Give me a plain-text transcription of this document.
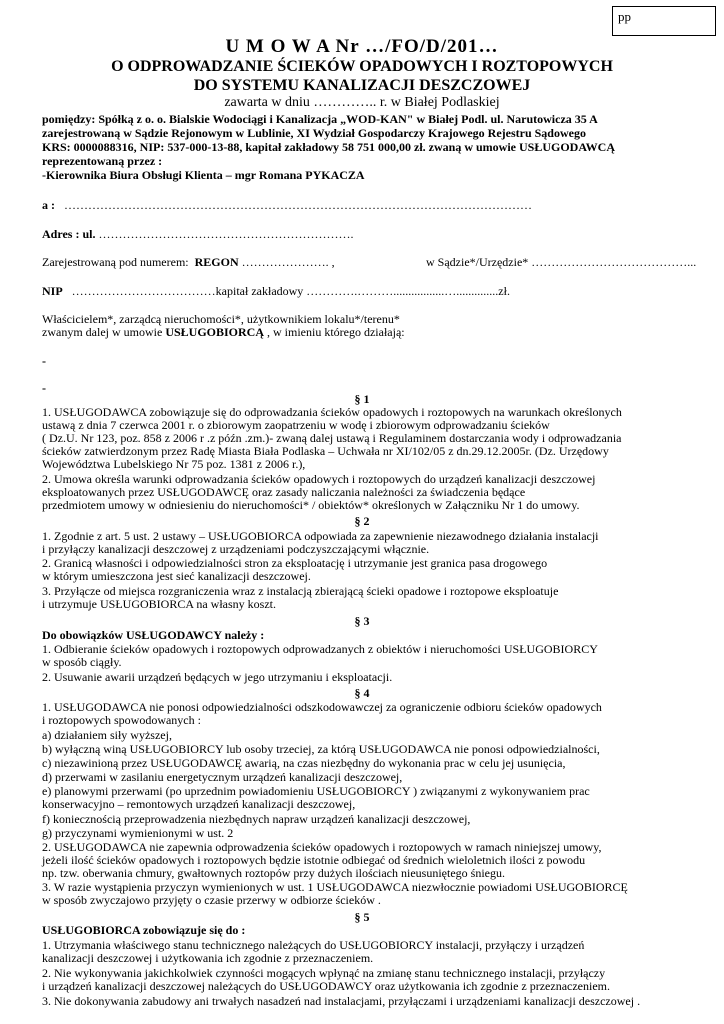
pp
U M O W A Nr …/FO/D/201…
O ODPROWADZANIE ŚCIEKÓW OPADOWYCH I ROZTOPOWYCH
DO SYSTEMU KANALIZACJI DESZCZOWEJ
zawarta w dniu ………….. r. w Białej Podlaskiej
pomiędzy: Spółką z o. o. Bialskie Wodociągi i Kanalizacja „WOD-KAN" w Białej Podl. ul. Narutowicza 35 A
zarejestrowaną w Sądzie Rejonowym w Lublinie, XI Wydział Gospodarczy Krajowego Rejestru Sądowego
KRS: 0000088316, NIP: 537-000-13-88, kapitał zakładowy 58 751 000,00 zł. zwaną w umowie USŁUGODAWCĄ
reprezentowaną przez :
-Kierownika Biura Obsługi Klienta – mgr Romana PYKACZA
a : ………………………………………………………………………………………………………
Adres : ul. ……………………………………………………….
Zarejestrowaną pod numerem: REGON …………………. ,	w Sądzie*/Urzędzie* …………………………………...
NIP ………………………………kapitał zakładowy ………….……….................…..............zł.
Właścicielem*, zarządcą nieruchomości*, użytkownikiem lokalu*/terenu*
zwanym dalej w umowie USŁUGOBIORCĄ , w imieniu którego działają:
-
-
§ 1
1. USŁUGODAWCA zobowiązuje się do odprowadzania ścieków opadowych i roztopowych na warunkach określonych
ustawą z dnia 7 czerwca 2001 r. o zbiorowym zaopatrzeniu w wodę i zbiorowym odprowadzaniu ścieków
( Dz.U. Nr 123, poz. 858 z 2006 r .z późn .zm.)- zwaną dalej ustawą i Regulaminem dostarczania wody i odprowadzania
ścieków zatwierdzonym przez Radę Miasta Biała Podlaska – Uchwała nr XI/102/05 z dn.29.12.2005r. (Dz. Urzędowy
Województwa Lubelskiego Nr 75 poz. 1381 z 2006 r.),
2. Umowa określa warunki odprowadzania ścieków opadowych i roztopowych do urządzeń kanalizacji deszczowej
eksploatowanych przez USŁUGODAWCĘ oraz zasady naliczania należności za świadczenia będące
przedmiotem umowy w odniesieniu do nieruchomości* / obiektów* określonych w Załączniku Nr 1 do umowy.
§ 2
1. Zgodnie z art. 5 ust. 2 ustawy – USŁUGOBIORCA odpowiada za zapewnienie niezawodnego działania instalacji
i przyłączy kanalizacji deszczowej z urządzeniami podczyszczającymi włącznie.
2. Granicą własności i odpowiedzialności stron za eksploatację i utrzymanie jest granica pasa drogowego
w którym umieszczona jest sieć kanalizacji deszczowej.
3. Przyłącze od miejsca rozgraniczenia wraz z instalacją zbierającą ścieki opadowe i roztopowe eksploatuje
i utrzymuje USŁUGOBIORCA na własny koszt.
§ 3
Do obowiązków USŁUGODAWCY należy :
1. Odbieranie ścieków opadowych i roztopowych odprowadzanych z obiektów i nieruchomości USŁUGOBIORCY
w sposób ciągły.
2. Usuwanie awarii urządzeń będących w jego utrzymaniu i eksploatacji.
§ 4
1. USŁUGODAWCA nie ponosi odpowiedzialności odszkodowawczej za ograniczenie odbioru ścieków opadowych
i roztopowych spowodowanych :
a) działaniem siły wyższej,
b) wyłączną winą USŁUGOBIORCY lub osoby trzeciej, za którą USŁUGODAWCA nie ponosi odpowiedzialności,
c) niezawinioną przez USŁUGODAWCĘ awarią, na czas niezbędny do wykonania prac w celu jej usunięcia,
d) przerwami w zasilaniu energetycznym urządzeń kanalizacji deszczowej,
e) planowymi przerwami (po uprzednim powiadomieniu USŁUGOBIORCY ) związanymi z wykonywaniem prac
konserwacyjno – remontowych urządzeń kanalizacji deszczowej,
f) koniecznością przeprowadzenia niezbędnych napraw urządzeń kanalizacji deszczowej,
g) przyczynami wymienionymi w ust. 2
2. USŁUGODAWCA nie zapewnia odprowadzenia ścieków opadowych i roztopowych w ramach niniejszej umowy,
jeżeli ilość ścieków opadowych i roztopowych będzie istotnie odbiegać od średnich wieloletnich ilości z powodu
np. tzw. oberwania chmury, gwałtownych roztopów przy dużych ilościach nieusuniętego śniegu.
3. W razie wystąpienia przyczyn wymienionych w ust. 1 USŁUGODAWCA niezwłocznie powiadomi USŁUGOBIORCĘ
w sposób zwyczajowo przyjęty o czasie przerwy w odbiorze ścieków .
§ 5
USŁUGOBIORCA zobowiązuje się do :
1. Utrzymania właściwego stanu technicznego należących do USŁUGOBIORCY instalacji, przyłączy i urządzeń
kanalizacji deszczowej i użytkowania ich zgodnie z przeznaczeniem.
2. Nie wykonywania jakichkolwiek czynności mogących wpłynąć na zmianę stanu technicznego instalacji, przyłączy
i urządzeń kanalizacji deszczowej należących do USŁUGODAWCY oraz użytkowania ich zgodnie z przeznaczeniem.
3. Nie dokonywania zabudowy ani trwałych nasadzeń nad instalacjami, przyłączami i urządzeniami kanalizacji deszczowej .
